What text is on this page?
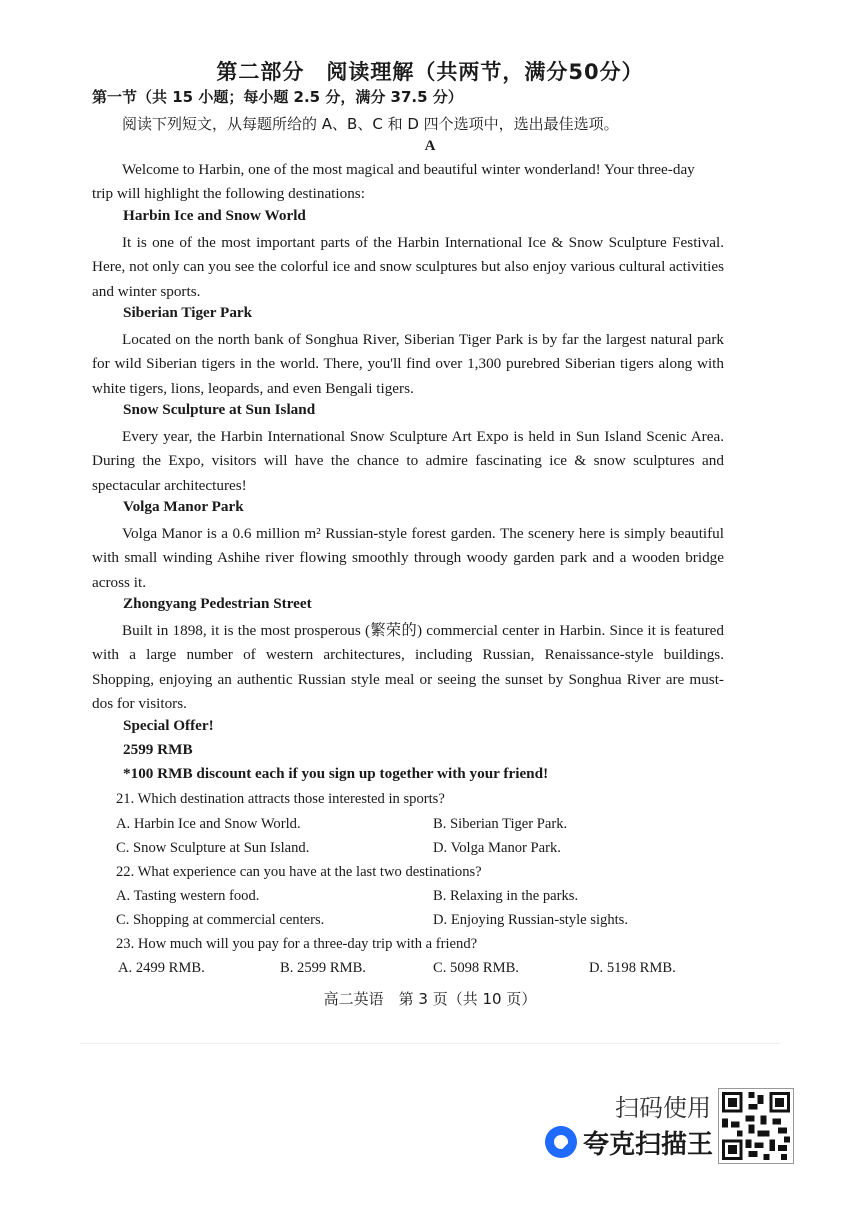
第二部分　阅读理解（共两节，满分50分）
第一节（共 15 小题；每小题 2.5 分，满分 37.5 分）
阅读下列短文，从每题所给的 A、B、C 和 D 四个选项中，选出最佳选项。
A
Welcome to Harbin, one of the most magical and beautiful winter wonderland! Your three-day
trip will highlight the following destinations:
Harbin Ice and Snow World
It is one of the most important parts of the Harbin International Ice & Snow Sculpture Festival. Here, not only can you see the colorful ice and snow sculptures but also enjoy various cultural activities and winter sports.
Siberian Tiger Park
Located on the north bank of Songhua River, Siberian Tiger Park is by far the largest natural park for wild Siberian tigers in the world. There, you'll find over 1,300 purebred Siberian tigers along with white tigers, lions, leopards, and even Bengali tigers.
Snow Sculpture at Sun Island
Every year, the Harbin International Snow Sculpture Art Expo is held in Sun Island Scenic Area. During the Expo, visitors will have the chance to admire fascinating ice & snow sculptures and spectacular architectures!
Volga Manor Park
Volga Manor is a 0.6 million m² Russian-style forest garden. The scenery here is simply beautiful with small winding Ashihe river flowing smoothly through woody garden park and a wooden bridge across it.
Zhongyang Pedestrian Street
Built in 1898, it is the most prosperous (繁荣的) commercial center in Harbin. Since it is featured with a large number of western architectures, including Russian, Renaissance-style buildings. Shopping, enjoying an authentic Russian style meal or seeing the sunset by Songhua River are must-dos for visitors.
Special Offer!
2599 RMB
*100 RMB discount each if you sign up together with your friend!
21. Which destination attracts those interested in sports?
A. Harbin Ice and Snow World.	B. Siberian Tiger Park.
C. Snow Sculpture at Sun Island.	D. Volga Manor Park.
22. What experience can you have at the last two destinations?
A. Tasting western food.	B. Relaxing in the parks.
C. Shopping at commercial centers.	D. Enjoying Russian-style sights.
23. How much will you pay for a three-day trip with a friend?
A. 2499 RMB.	B. 2599 RMB.	C. 5098 RMB.	D. 5198 RMB.
高二英语　第 3 页（共 10 页）
扫码使用
夸克扫描王
